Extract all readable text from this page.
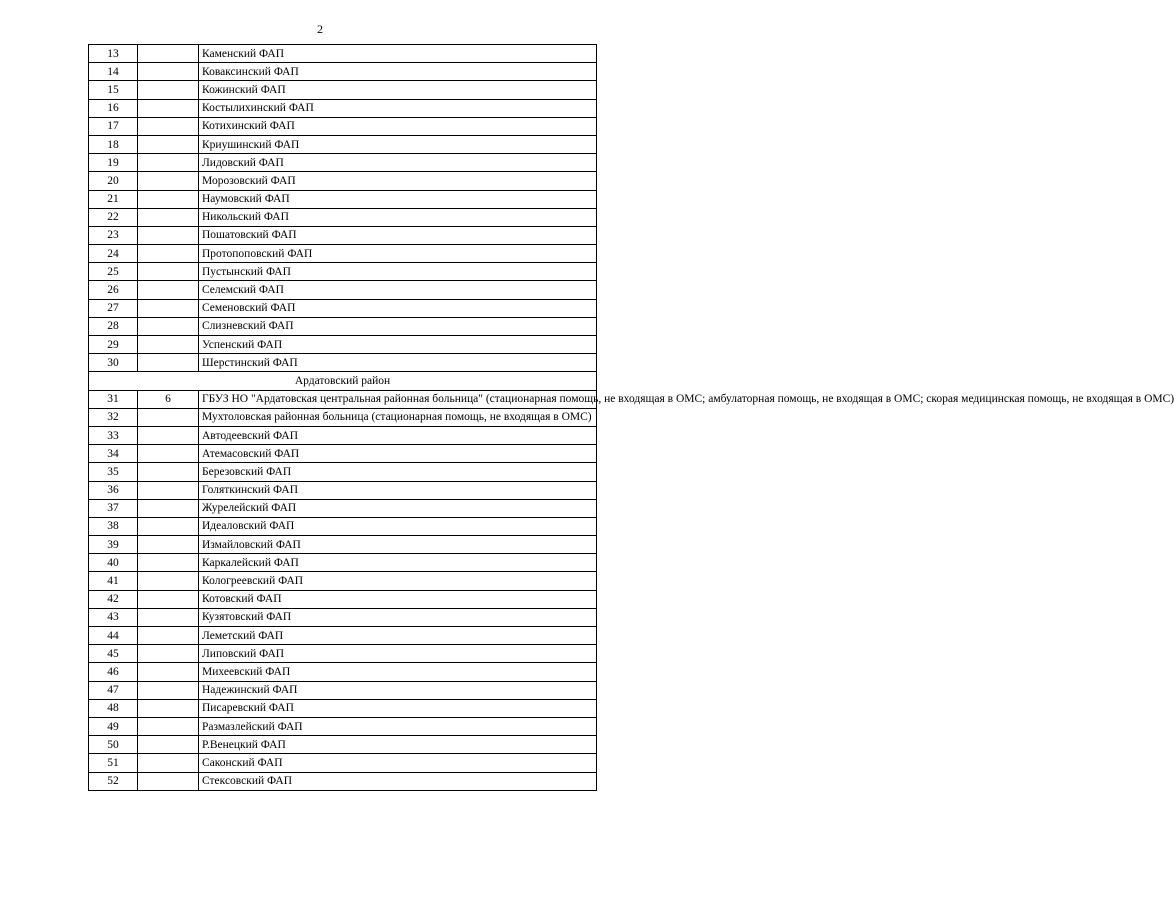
2
13		Каменский ФАП
14		Коваксинский ФАП
15		Кожинский ФАП
16		Костылихинский ФАП
17		Котихинский ФАП
18		Криушинский ФАП
19		Лидовский ФАП
20		Морозовский ФАП
21		Наумовский ФАП
22		Никольский ФАП
23		Пошатовский ФАП
24		Протопоповский ФАП
25		Пустынский ФАП
26		Селемский ФАП
27		Семеновский ФАП
28		Слизневский ФАП
29		Успенский ФАП
30		Шерстинский ФАП
Ардатовский район		
31	6	ГБУЗ НО "Ардатовская центральная районная больница" (стационарная помощь, не входящая в ОМС; амбулаторная помощь, не входящая в ОМС; скорая медицинская помощь, не входящая в ОМС)
32		Мухтоловская районная больница (стационарная помощь, не входящая в ОМС)
33		Автодеевский ФАП
34		Атемасовский ФАП
35		Березовский ФАП
36		Голяткинский ФАП
37		Журелейский ФАП
38		Идеаловский ФАП
39		Измайловский ФАП
40		Каркалейский ФАП
41		Кологреевский ФАП
42		Котовский ФАП
43		Кузятовский ФАП
44		Леметский ФАП
45		Липовский ФАП
46		Михеевский ФАП
47		Надежинский ФАП
48		Писаревский ФАП
49		Размазлейский ФАП
50		Р.Венецкий ФАП
51		Саконский ФАП
52		Стексовский ФАП
